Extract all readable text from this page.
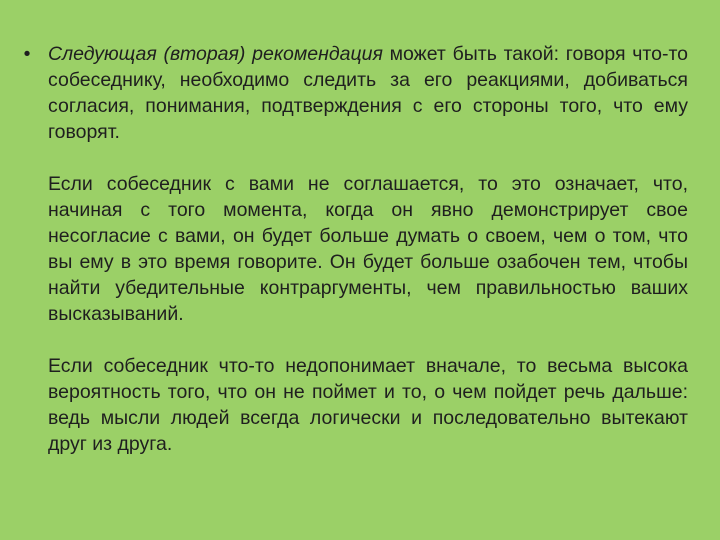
• Следующая (вторая) рекомендация может быть такой: говоря что-то собеседнику, необходимо следить за его реакциями, добиваться согласия, понимания, подтверждения с его стороны того, что ему говорят.

Если собеседник с вами не соглашается, то это означает, что, начиная с того момента, когда он явно демонстрирует свое несогласие с вами, он будет больше думать о своем, чем о том, что вы ему в это время говорите. Он будет больше озабочен тем, чтобы найти убедительные контраргументы, чем правильностью ваших высказываний.

Если собеседник что-то недопонимает вначале, то весьма высока вероятность того, что он не поймет и то, о чем пойдет речь дальше: ведь мысли людей всегда логически и последовательно вытекают друг из друга.
